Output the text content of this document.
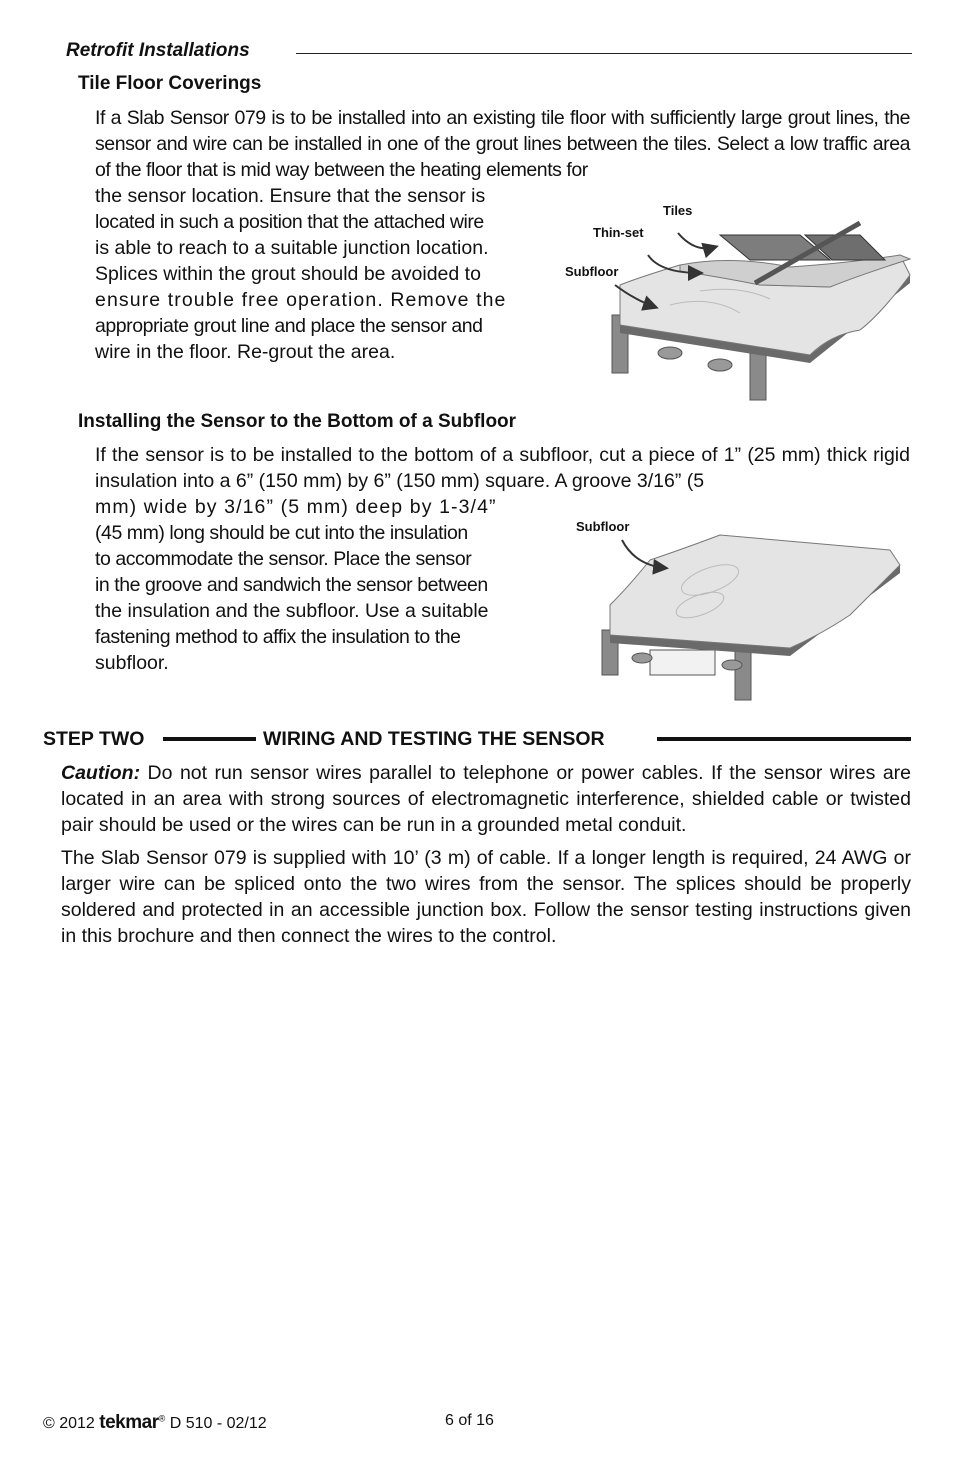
Retrofit Installations
Tile Floor Coverings
If a Slab Sensor 079 is to be installed into an existing tile floor with sufficiently large grout lines, the sensor and wire can be installed in one of the grout lines between the tiles. Select a low traffic area of the floor that is mid way between the heating elements for
the sensor location. Ensure that the sensor is
located in such a position that the attached wire
is able to reach to a suitable junction location.
Splices within the grout should be avoided to
ensure trouble free operation. Remove the
appropriate grout line and place the sensor and
wire in the floor. Re-grout the area.
Tiles
Thin-set
Subfloor
Installing the Sensor to the Bottom of a Subfloor
If the sensor is to be installed to the bottom of a subfloor, cut a piece of 1” (25 mm) thick rigid insulation into a 6” (150 mm) by 6” (150 mm) square. A groove 3/16” (5
mm) wide by 3/16” (5 mm) deep by 1-3/4”
(45 mm) long should be cut into the insulation
to accommodate the sensor. Place the sensor
in the groove and sandwich the sensor between
the insulation and the subfloor. Use a suitable
fastening method to affix the insulation to the
subfloor.
Subfloor
STEP TWO	WIRING AND TESTING THE SENSOR
Caution: Do not run sensor wires parallel to telephone or power cables. If the sensor wires are located in an area with strong sources of electromagnetic interference, shielded cable or twisted pair should be used or the wires can be run in a grounded metal conduit.
The Slab Sensor 079 is supplied with 10’ (3 m) of cable. If a longer length is required, 24 AWG or larger wire can be spliced onto the two wires from the sensor. The splices should be properly soldered and protected in an accessible junction box. Follow the sensor testing instructions given in this brochure and then connect the wires to the control.
© 2012 tekmar® D 510 - 02/12	6 of 16
